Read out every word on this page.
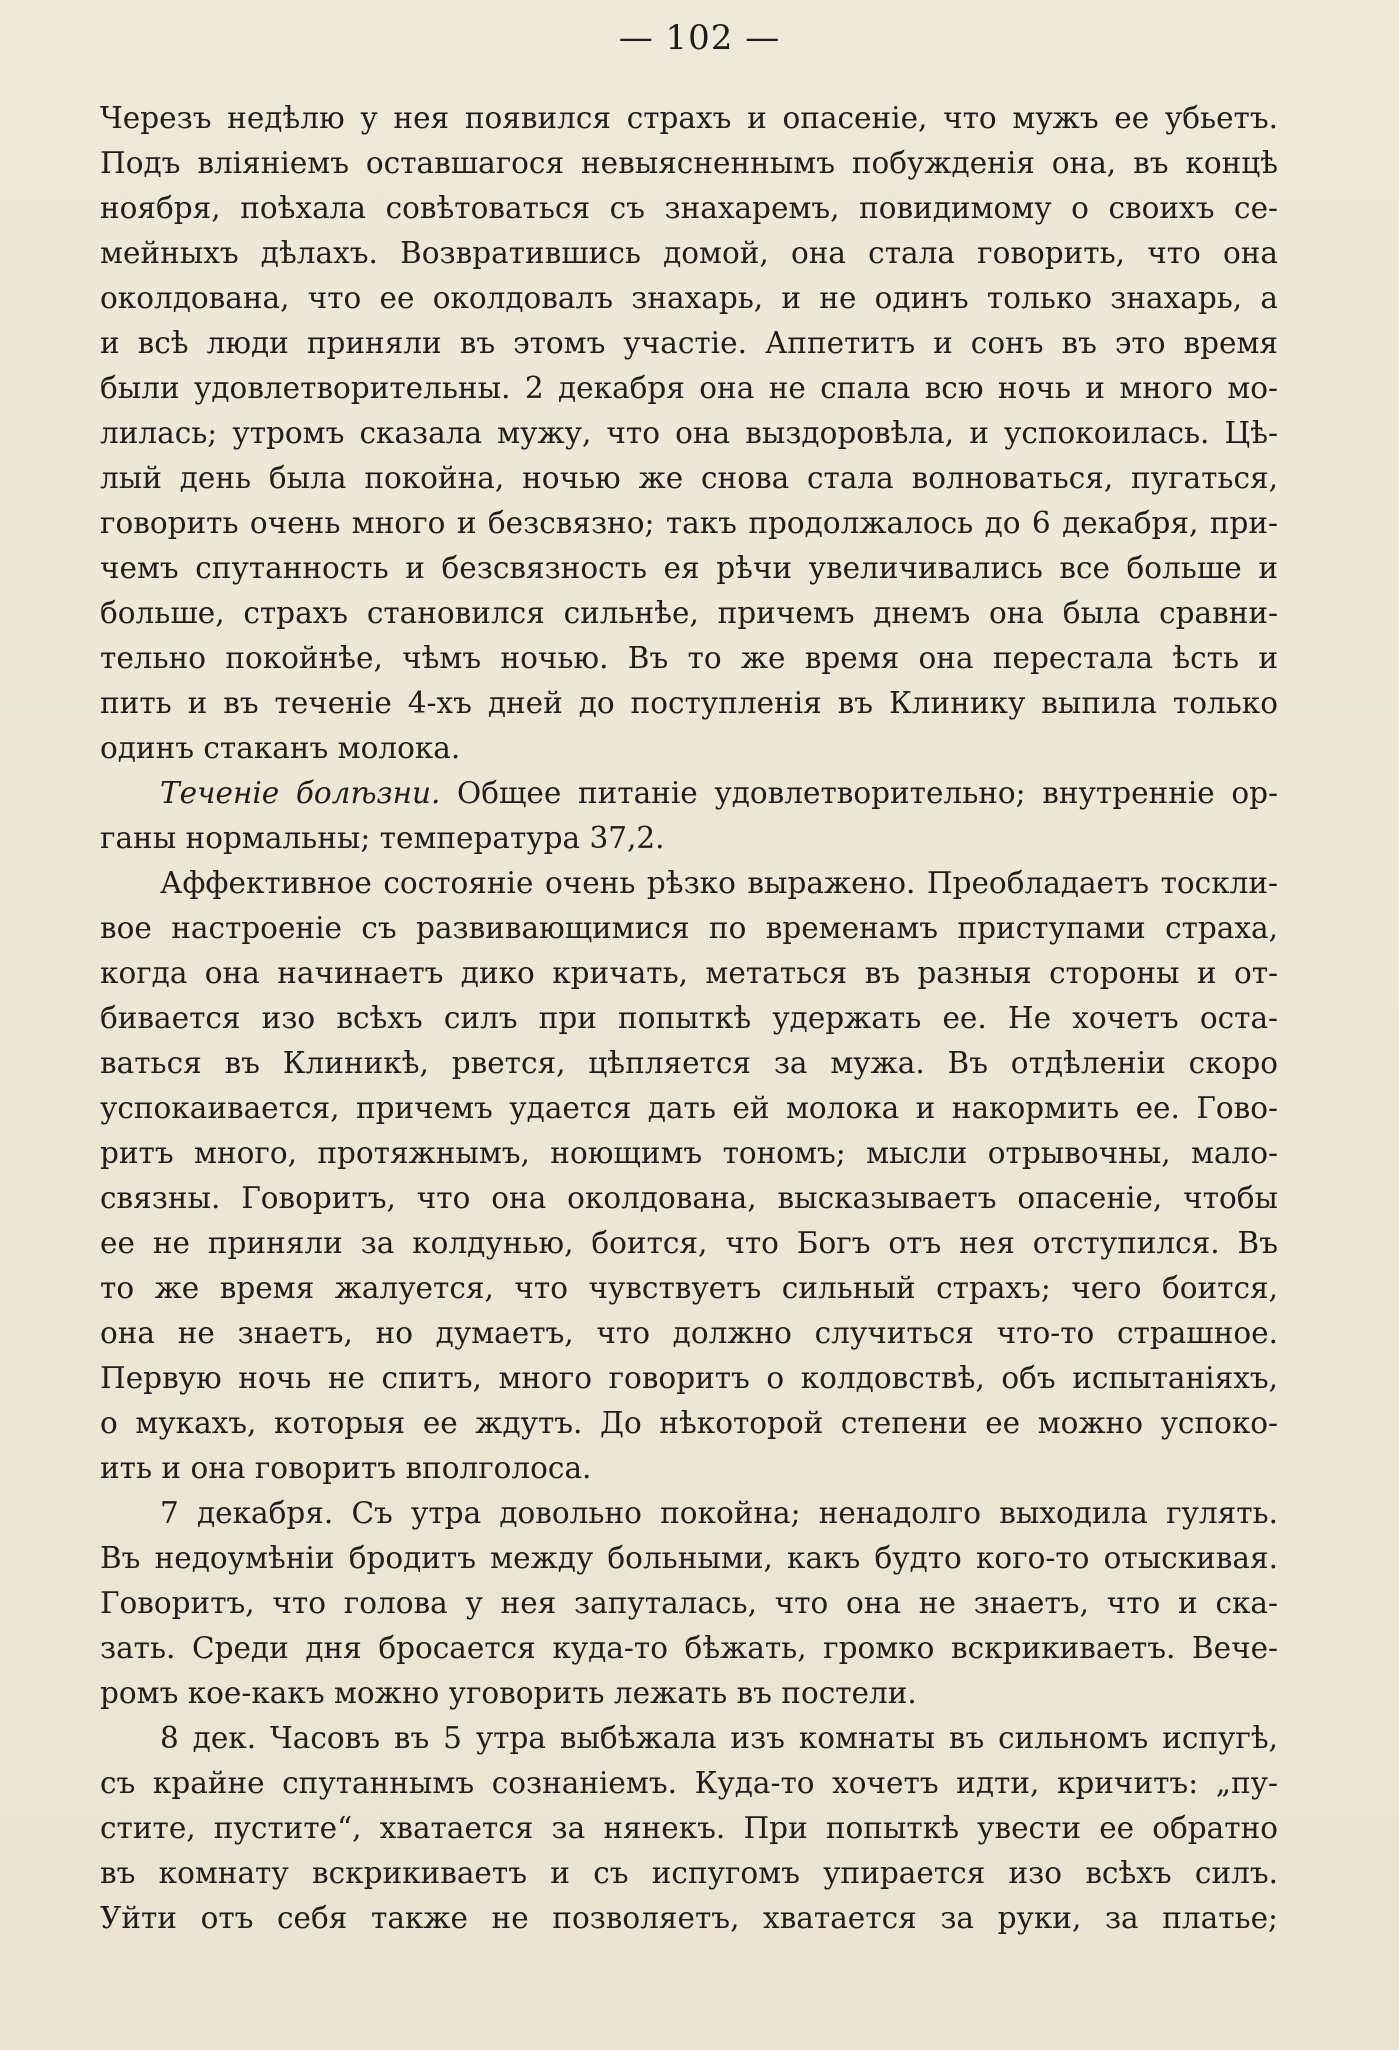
— 102 —
Черезъ недѣлю у нея появился страхъ и опасеніе, что мужъ ее убьетъ.
Подъ вліяніемъ оставшагося невыясненнымъ побужденія она, въ концѣ
ноября, поѣхала совѣтоваться съ знахаремъ, повидимому о своихъ се-
мейныхъ дѣлахъ. Возвратившись домой, она стала говорить, что она
околдована, что ее околдовалъ знахарь, и не одинъ только знахарь, а
и всѣ люди приняли въ этомъ участіе. Аппетитъ и сонъ въ это время
были удовлетворительны. 2 декабря она не спала всю ночь и много мо-
лилась; утромъ сказала мужу, что она выздоровѣла, и успокоилась. Цѣ-
лый день была покойна, ночью же снова стала волноваться, пугаться,
говорить очень много и безсвязно; такъ продолжалось до 6 декабря, при-
чемъ спутанность и безсвязность ея рѣчи увеличивались все больше и
больше, страхъ становился сильнѣе, причемъ днемъ она была сравни-
тельно покойнѣе, чѣмъ ночью. Въ то же время она перестала ѣсть и
пить и въ теченіе 4-хъ дней до поступленія въ Клинику выпила только
одинъ стаканъ молока.
Теченіе болѣзни. Общее питаніе удовлетворительно; внутренніе ор-
ганы нормальны; температура 37,2.
Аффективное состояніе очень рѣзко выражено. Преобладаетъ тоскли-
вое настроеніе съ развивающимися по временамъ приступами страха,
когда она начинаетъ дико кричать, метаться въ разныя стороны и от-
биваетcя изо всѣхъ силъ при попыткѣ удержать ее. Не хочетъ оста-
ваться въ Клиникѣ, рвется, цѣпляется за мужа. Въ отдѣленіи скоро
успокаивается, причемъ удается дать ей молока и накормить ее. Гово-
ритъ много, протяжнымъ, ноющимъ тономъ; мысли отрывочны, мало-
связны. Говоритъ, что она околдована, высказываетъ опасеніе, чтобы
ее не приняли за колдунью, боится, что Богъ отъ нея отступился. Въ
то же время жалуется, что чувствуетъ сильный страхъ; чего боится,
она не знаетъ, но думаетъ, что должно случиться что-то страшное.
Первую ночь не спитъ, много говоритъ о колдовствѣ, объ испытаніяхъ,
о мукахъ, которыя ее ждутъ. До нѣкоторой степени ее можно успоко-
ить и она говоритъ вполголоса.
7 декабря. Съ утра довольно покойна; ненадолго выходила гулять.
Въ недоумѣніи бродитъ между больными, какъ будто кого-то отыскивая.
Говоритъ, что голова у нея запуталась, что она не знаетъ, что и ска-
зать. Среди дня бросается куда-то бѣжать, громко вскрикиваетъ. Вече-
ромъ кое-какъ можно уговорить лежать въ постели.
8 дек. Часовъ въ 5 утра выбѣжала изъ комнаты въ сильномъ испугѣ,
съ крайне спутаннымъ сознаніемъ. Куда-то хочетъ идти, кричитъ: „пу-
стите, пустите“, хватается за нянекъ. При попыткѣ увести ее обратно
въ комнату вскрикиваетъ и съ испугомъ упирается изо всѣхъ силъ.
Уйти отъ себя также не позволяетъ, хватается за руки, за платье;
